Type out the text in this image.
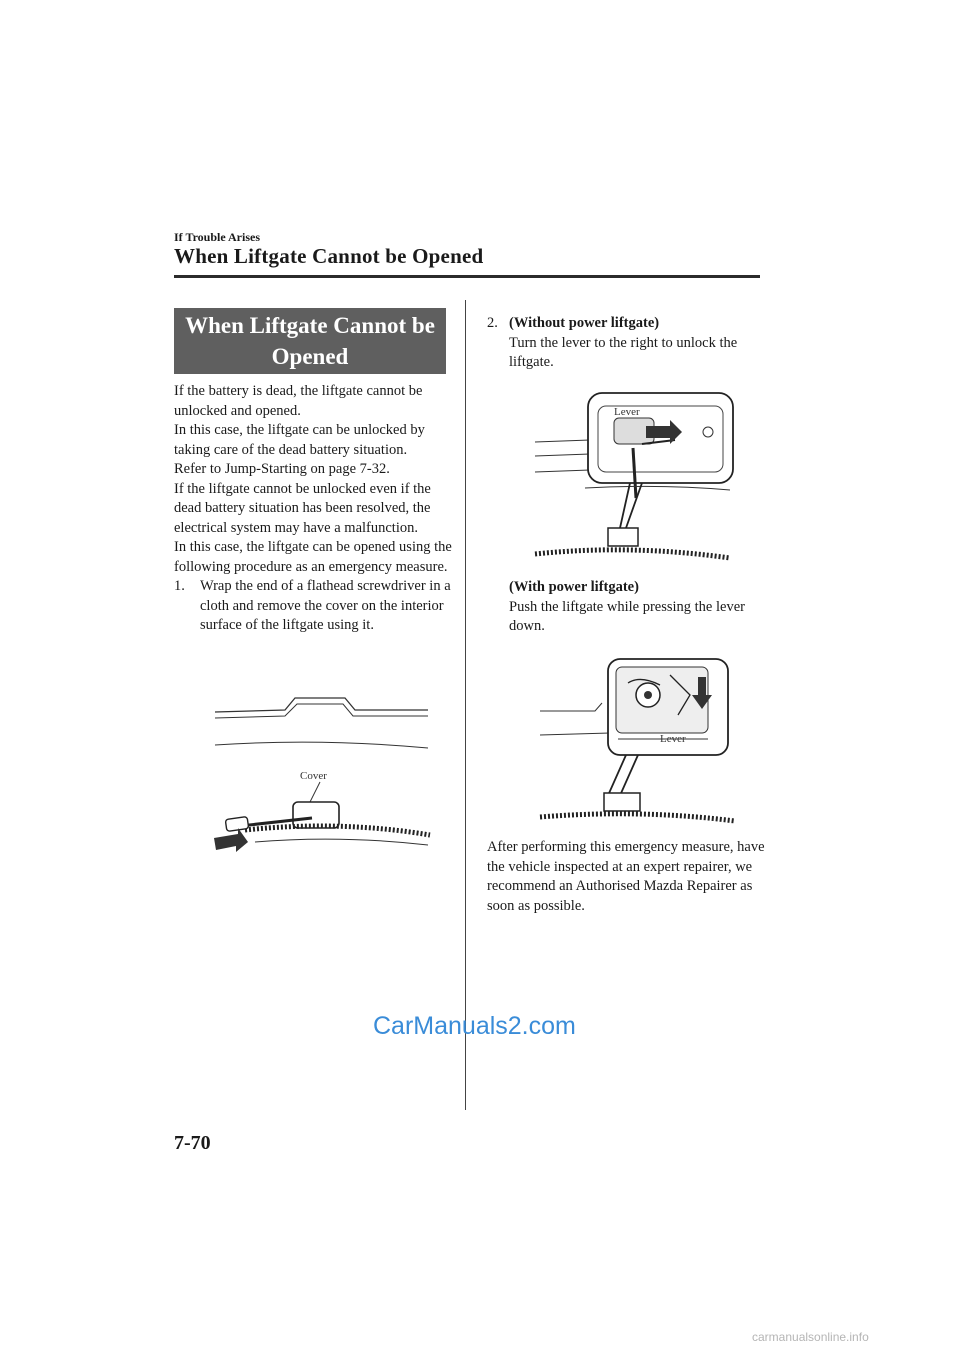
If Trouble Arises
When Liftgate Cannot be Opened
When Liftgate Cannot be Opened

If the battery is dead, the liftgate cannot be unlocked and opened.

In this case, the liftgate can be unlocked by taking care of the dead battery situation.

Refer to Jump-Starting on page 7-32.

If the liftgate cannot be unlocked even if the dead battery situation has been resolved, the electrical system may have a malfunction.

In this case, the liftgate can be opened using the following procedure as an emergency measure.

1. Wrap the end of a flathead screwdriver in a cloth and remove the cover on the interior surface of the liftgate using it.
Cover
2. (Without power liftgate)
Turn the lever to the right to unlock the liftgate.
Lever
(With power liftgate)
Push the liftgate while pressing the lever down.
Lever
After performing this emergency measure, have the vehicle inspected at an expert repairer, we recommend an Authorised Mazda Repairer as soon as possible.
CarManuals2.com
7-70
carmanualsonline.info
